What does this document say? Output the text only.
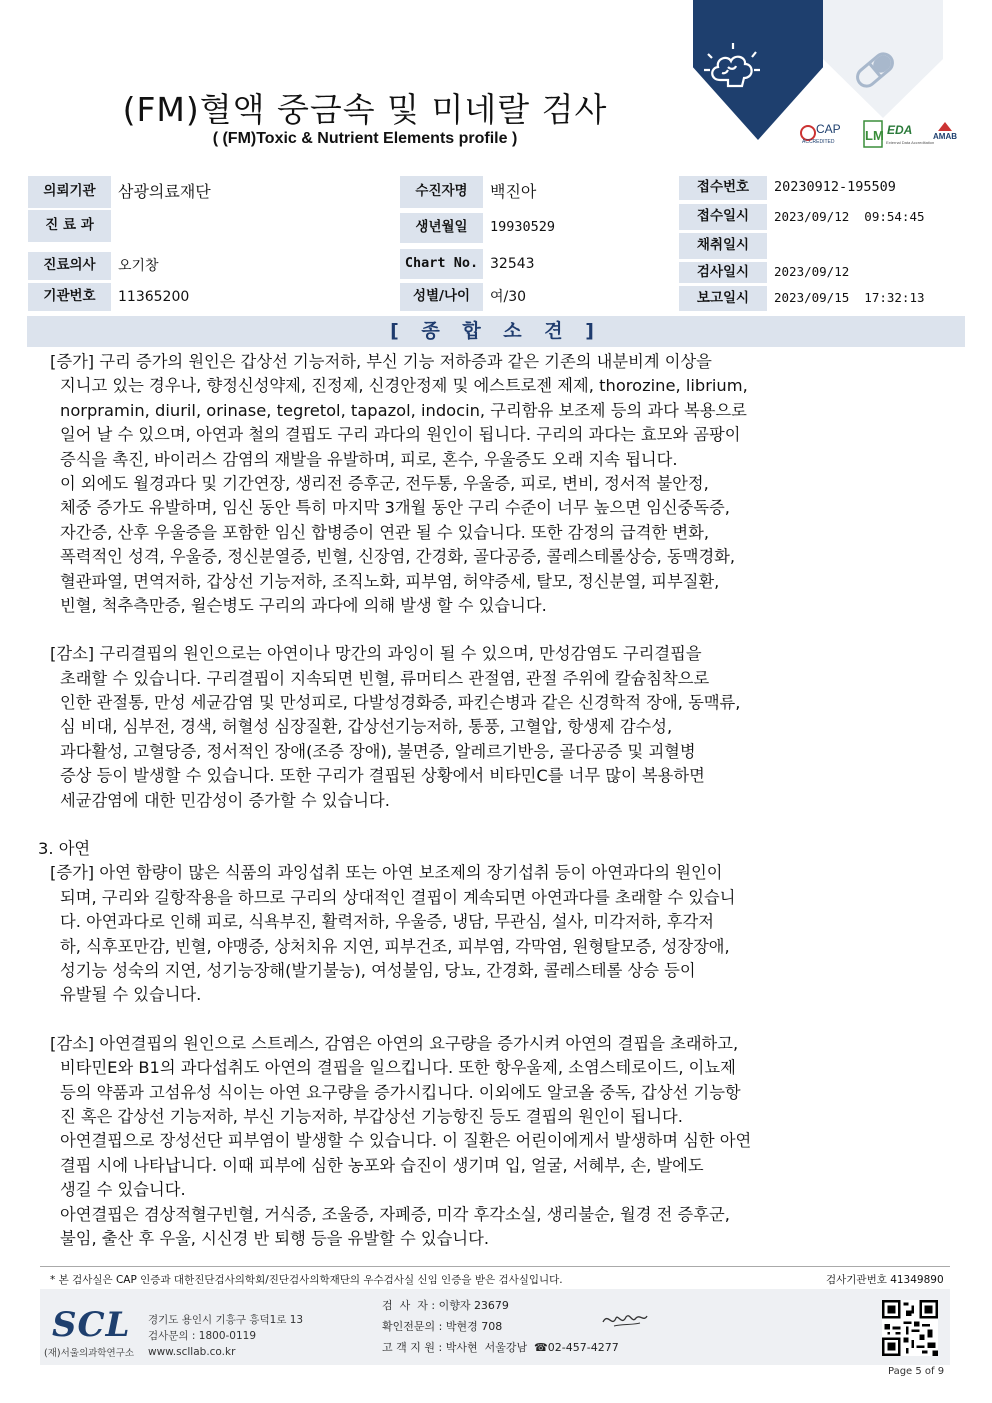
(FM)혈액 중금속 및 미네랄 검사
( (FM)Toxic & Nutrient Elements profile )
CAP
ACCREDITED LM EDA
External Data Accreditation
AMAB
의뢰기관	삼광의료재단
진 료 과
진료의사	오기창
기관번호	11365200
수진자명	백진아
생년월일	19930529
Chart No. 32543
성별/나이	여/30
접수번호	20230912-195509
접수일시	2023/09/12  09:54:45
채취일시
검사일시	2023/09/12
보고일시	2023/09/15  17:32:13
[ 종 합 소 견 ]
[증가] 구리 증가의 원인은 갑상선 기능저하, 부신 기능 저하증과 같은 기존의 내분비계 이상을
지니고 있는 경우나, 향정신성약제, 진정제, 신경안정제 및 에스트로젠 제제, thorozine, librium,
norpramin, diuril, orinase, tegretol, tapazol, indocin, 구리함유 보조제 등의 과다 복용으로
일어 날 수 있으며, 아연과 철의 결핍도 구리 과다의 원인이 됩니다. 구리의 과다는 효모와 곰팡이
증식을 촉진, 바이러스 감염의 재발을 유발하며, 피로, 혼수, 우울증도 오래 지속 됩니다.
이 외에도 월경과다 및 기간연장, 생리전 증후군, 전두통, 우울증, 피로, 변비, 정서적 불안정,
체중 증가도 유발하며, 임신 동안 특히 마지막 3개월 동안 구리 수준이 너무 높으면 임신중독증,
자간증, 산후 우울증을 포함한 임신 합병증이 연관 될 수 있습니다. 또한 감정의 급격한 변화,
폭력적인 성격, 우울증, 정신분열증, 빈혈, 신장염, 간경화, 골다공증, 콜레스테롤상승, 동맥경화,
혈관파열, 면역저하, 갑상선 기능저하, 조직노화, 피부염, 허약증세, 탈모, 정신분열, 피부질환,
빈혈, 척추측만증, 윌슨병도 구리의 과다에 의해 발생 할 수 있습니다.
[감소] 구리결핍의 원인으로는 아연이나 망간의 과잉이 될 수 있으며, 만성감염도 구리결핍을
초래할 수 있습니다. 구리결핍이 지속되면 빈혈, 류머티스 관절염, 관절 주위에 칼슘침착으로
인한 관절통, 만성 세균감염 및 만성피로, 다발성경화증, 파킨슨병과 같은 신경학적 장애, 동맥류,
심 비대, 심부전, 경색, 허혈성 심장질환, 갑상선기능저하, 통풍, 고혈압, 항생제 감수성,
과다활성, 고혈당증, 정서적인 장애(조증 장애), 불면증, 알레르기반응, 골다공증 및 괴혈병
증상 등이 발생할 수 있습니다. 또한 구리가 결핍된 상황에서 비타민C를 너무 많이 복용하면
세균감염에 대한 민감성이 증가할 수 있습니다.
3. 아연
[증가] 아연 함량이 많은 식품의 과잉섭취 또는 아연 보조제의 장기섭취 등이 아연과다의 원인이
되며, 구리와 길항작용을 하므로 구리의 상대적인 결핍이 계속되면 아연과다를 초래할 수 있습니
다. 아연과다로 인해 피로, 식욕부진, 활력저하, 우울증, 냉담, 무관심, 설사, 미각저하, 후각저
하, 식후포만감, 빈혈, 야맹증, 상처치유 지연, 피부건조, 피부염, 각막염, 원형탈모증, 성장장애,
성기능 성숙의 지연, 성기능장해(발기불능), 여성불임, 당뇨, 간경화, 콜레스테롤 상승 등이
유발될 수 있습니다.
[감소] 아연결핍의 원인으로 스트레스, 감염은 아연의 요구량을 증가시켜 아연의 결핍을 초래하고,
비타민E와 B1의 과다섭취도 아연의 결핍을 일으킵니다. 또한 항우울제, 소염스테로이드, 이뇨제
등의 약품과 고섬유성 식이는 아연 요구량을 증가시킵니다. 이외에도 알코올 중독, 갑상선 기능항
진 혹은 갑상선 기능저하, 부신 기능저하, 부갑상선 기능항진 등도 결핍의 원인이 됩니다.
아연결핍으로 장성선단 피부염이 발생할 수 있습니다. 이 질환은 어린이에게서 발생하며 심한 아연
결핍 시에 나타납니다. 이때 피부에 심한 농포와 습진이 생기며 입, 얼굴, 서혜부, 손, 발에도
생길 수 있습니다.
아연결핍은 겸상적혈구빈혈, 거식증, 조울증, 자폐증, 미각 후각소실, 생리불순, 월경 전 증후군,
불임, 출산 후 우울, 시신경 반 퇴행 등을 유발할 수 있습니다.
* 본 검사실은 CAP 인증과 대한진단검사의학회/진단검사의학재단의 우수검사실 신임 인증을 받은 검사실입니다.	검사기관번호 41349890
SCL
(재)서울의과학연구소
경기도 용인시 기흥구 흥덕1로 13
검사문의 : 1800-0119
www.scllab.co.kr
검  사  자 : 이향자 23679
확인전문의 : 박현경 708
고 객 지 원 : 박사현  서울강남  ☎02-457-4277
Page 5 of 9
